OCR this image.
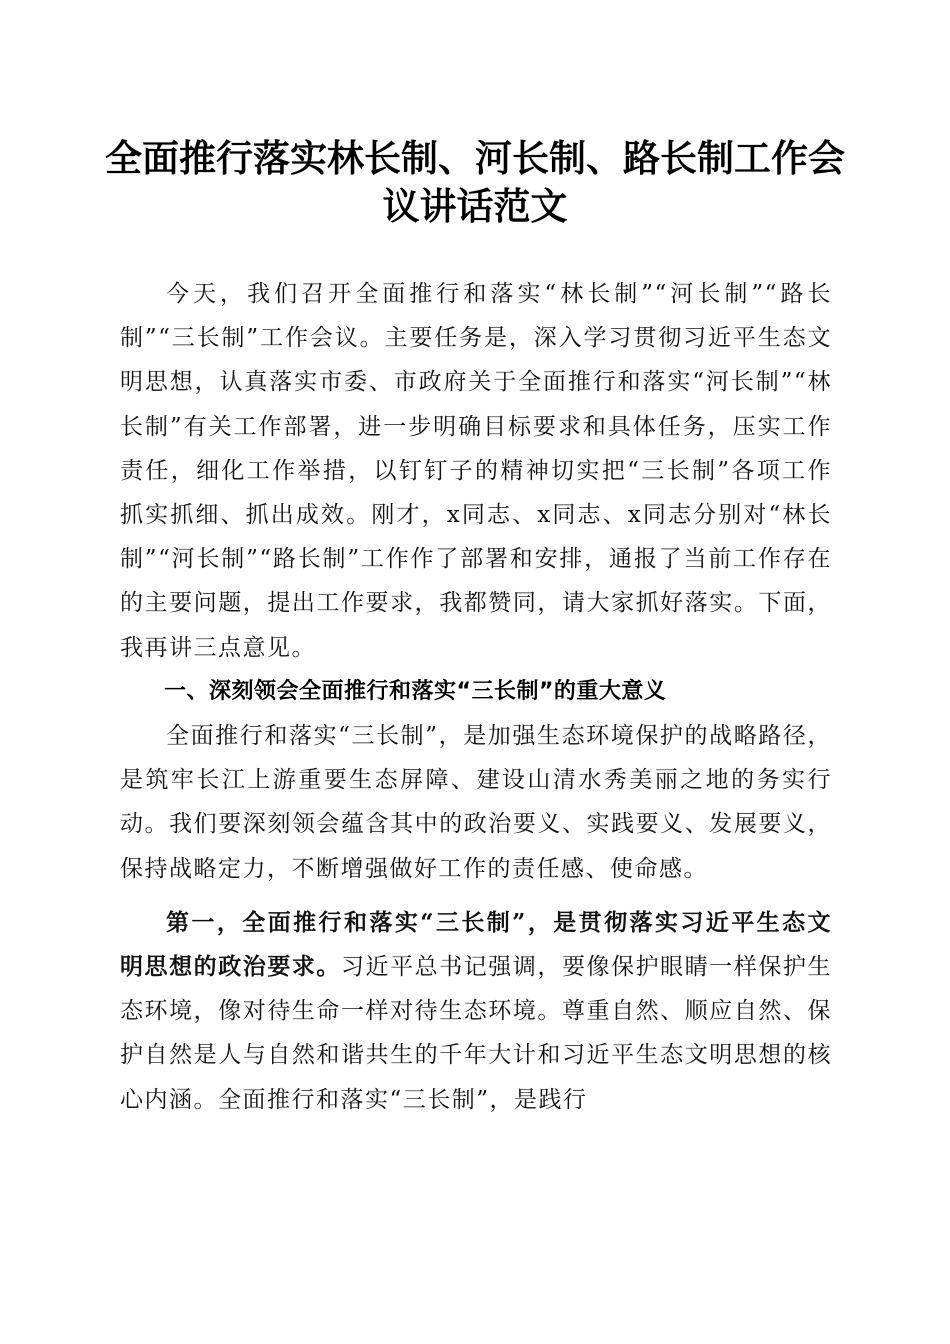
全面推行落实林长制、河长制、路长制工作会
议讲话范文

今天，我们召开全面推行和落实“林长制”“河长制”“路长制”“三长制”工作会议。主要任务是，深入学习贯彻习近平生态文明思想，认真落实市委、市政府关于全面推行和落实“河长制”“林长制”有关工作部署，进一步明确目标要求和具体任务，压实工作责任，细化工作举措，以钉钉子的精神切实把“三长制”各项工作抓实抓细、抓出成效。刚才，x同志、x同志、x同志分别对“林长制”“河长制”“路长制”工作作了部署和安排，通报了当前工作存在的主要问题，提出工作要求，我都赞同，请大家抓好落实。下面，我再讲三点意见。

一、深刻领会全面推行和落实“三长制”的重大意义

全面推行和落实“三长制”，是加强生态环境保护的战略路径，是筑牢长江上游重要生态屏障、建设山清水秀美丽之地的务实行动。我们要深刻领会蕴含其中的政治要义、实践要义、发展要义，保持战略定力，不断增强做好工作的责任感、使命感。

第一，全面推行和落实“三长制”，是贯彻落实习近平生态文明思想的政治要求。习近平总书记强调，要像保护眼睛一样保护生态环境，像对待生命一样对待生态环境。尊重自然、顺应自然、保护自然是人与自然和谐共生的千年大计和习近平生态文明思想的核心内涵。全面推行和落实“三长制”，是践行
